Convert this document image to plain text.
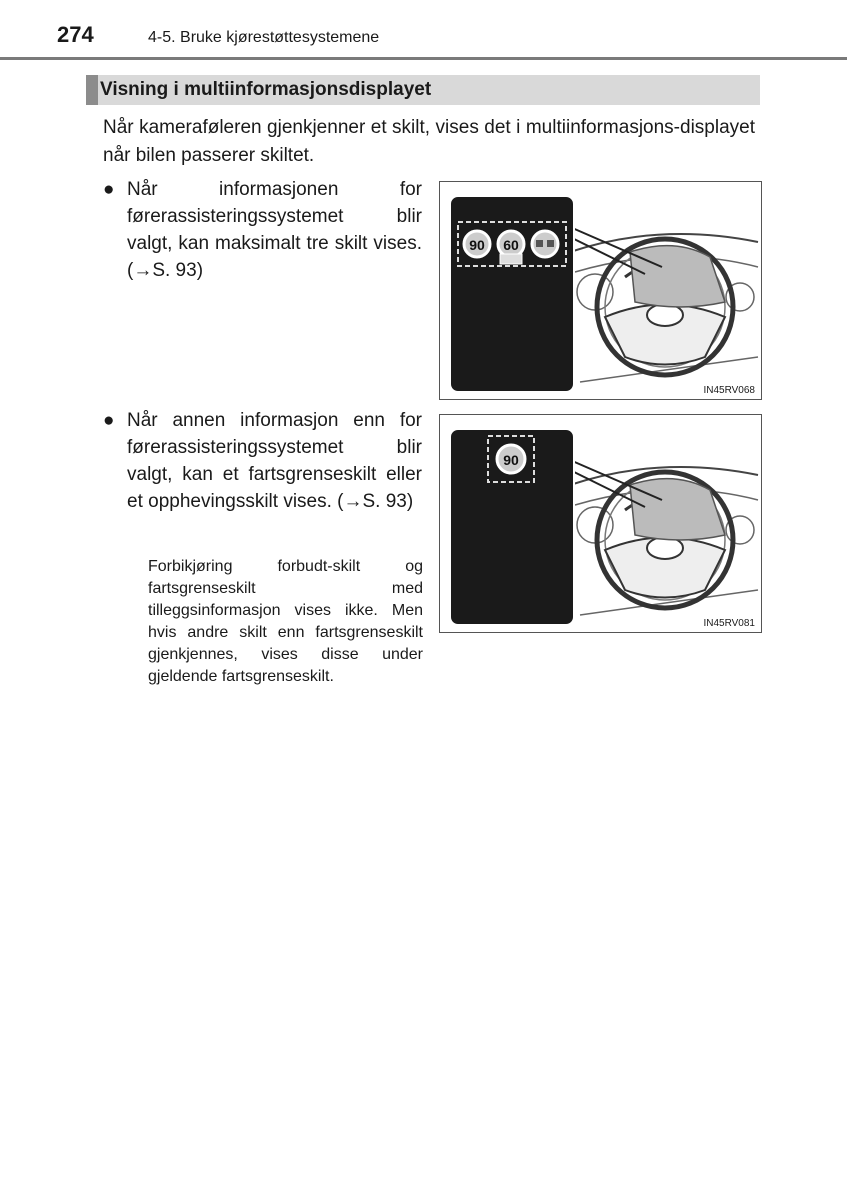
274	4-5. Bruke kjørestøttesystemene
Visning i multiinformasjonsdisplayet
Når kameraføleren gjenkjenner et skilt, vises det i multiinformasjons-displayet når bilen passerer skiltet.
● Når informasjonen for førerassisteringssystemet blir valgt, kan maksimalt tre skilt vises. (→S. 93)
● Når annen informasjon enn for førerassisteringssystemet blir valgt, kan et fartsgrenseskilt eller et opphevingsskilt vises. (→S. 93)
Forbikjøring forbudt-skilt og fartsgrenseskilt med tilleggsinformasjon vises ikke. Men hvis andre skilt enn fartsgrenseskilt gjenkjennes, vises disse under gjeldende fartsgrenseskilt.
90 60
IN45RV068
90
IN45RV081
